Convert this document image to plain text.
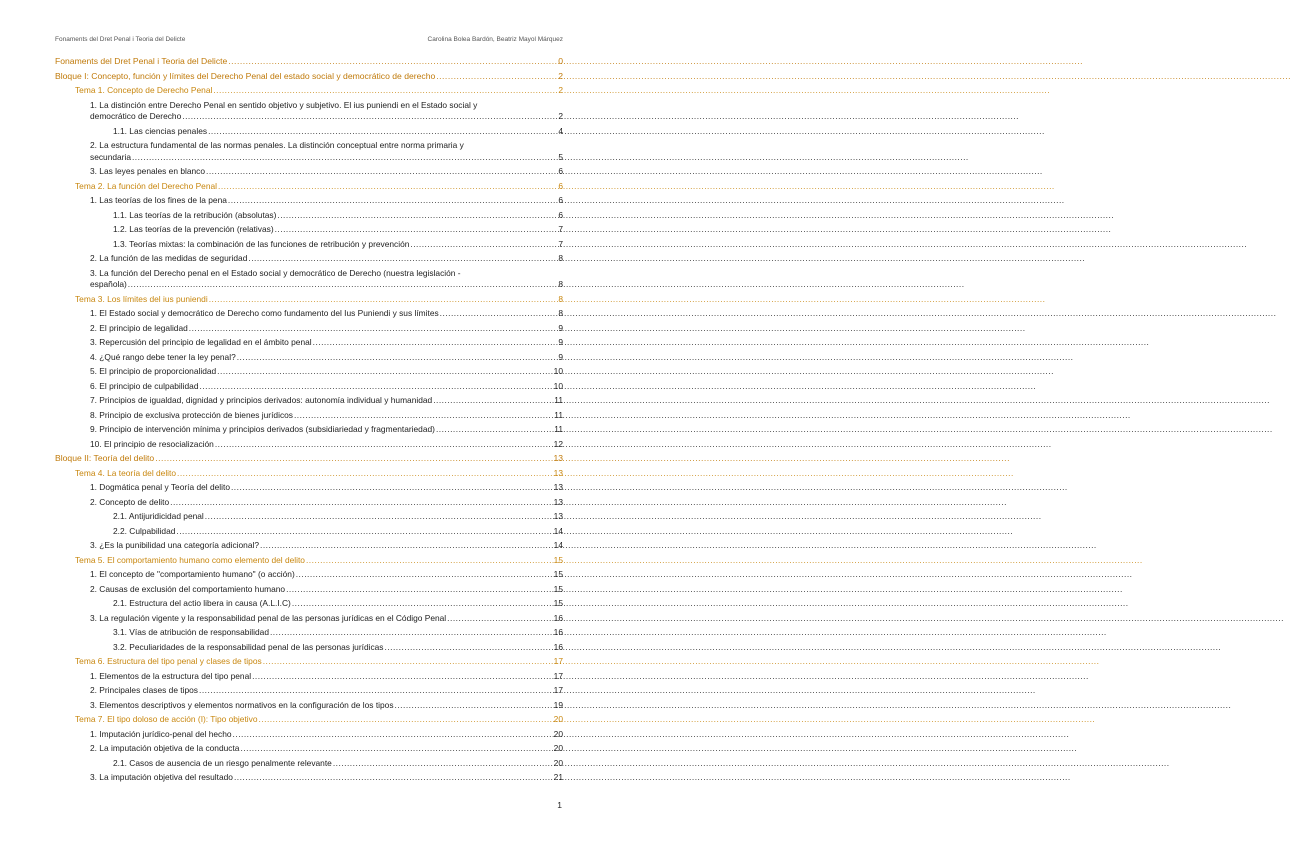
Fonaments del Dret Penal i Teoria del Delicte	Carolina Bolea Bardón, Beatriz Mayol Márquez
Fonaments del Dret Penal i Teoria del Delicte .....	0
Bloque I: Concepto, función y límites del Derecho Penal del estado social y democrático de derecho .....	2
Tema 1. Concepto de Derecho Penal .....	2
1. La distinción entre Derecho Penal en sentido objetivo y subjetivo. El ius puniendi en el Estado social y
democrático de Derecho .....	2
1.1. Las ciencias penales .....	4
2. La estructura fundamental de las normas penales. La distinción conceptual entre norma primaria y
secundaria .....	5
3. Las leyes penales en blanco .....	6
Tema 2. La función del Derecho Penal .....	6
1. Las teorías de los fines de la pena .....	6
1.1. Las teorías de la retribución (absolutas) .....	6
1.2. Las teorías de la prevención (relativas) .....	7
1.3. Teorías mixtas: la combinación de las funciones de retribución y prevención .....	7
2. La función de las medidas de seguridad .....	8
3. La función del Derecho penal en el Estado social y democrático de Derecho (nuestra legislación -
española) .....	8
Tema 3. Los límites del ius puniendi .....	8
1. El Estado social y democrático de Derecho como fundamento del Ius Puniendi y sus límites .....	8
2. El principio de legalidad .....	9
3. Repercusión del principio de legalidad en el ámbito penal .....	9
4. ¿Qué rango debe tener la ley penal? .....	9
5. El principio de proporcionalidad .....	10
6. El principio de culpabilidad .....	10
7. Principios de igualdad, dignidad y principios derivados: autonomía individual y humanidad .....	11
8. Principio de exclusiva protección de bienes jurídicos .....	11
9. Principio de intervención mínima y principios derivados (subsidiariedad y fragmentariedad) .....	11
10. El principio de resocialización .....	12
Bloque II: Teoría del delito .....	13
Tema 4. La teoría del delito .....	13
1. Dogmática penal y Teoría del delito .....	13
2. Concepto de delito .....	13
2.1. Antijuridicidad penal .....	13
2.2. Culpabilidad .....	14
3. ¿Es la punibilidad una categoría adicional? .....	14
Tema 5. El comportamiento humano como elemento del delito .....	15
1. El concepto de "comportamiento humano" (o acción) .....	15
2. Causas de exclusión del comportamiento humano .....	15
2.1. Estructura del actio libera in causa (A.L.I.C) .....	15
3. La regulación vigente y la responsabilidad penal de las personas jurídicas en el Código Penal .....	16
3.1. Vías de atribución de responsabilidad .....	16
3.2. Peculiaridades de la responsabilidad penal de las personas jurídicas .....	16
Tema 6. Estructura del tipo penal y clases de tipos .....	17
1. Elementos de la estructura del tipo penal .....	17
2. Principales clases de tipos .....	17
3. Elementos descriptivos y elementos normativos en la configuración de los tipos .....	19
Tema 7. El tipo doloso de acción (I): Tipo objetivo .....	20
1. Imputación jurídico-penal del hecho .....	20
2. La imputación objetiva de la conducta .....	20
2.1. Casos de ausencia de un riesgo penalmente relevante .....	20
3. La imputación objetiva del resultado .....	21
1
